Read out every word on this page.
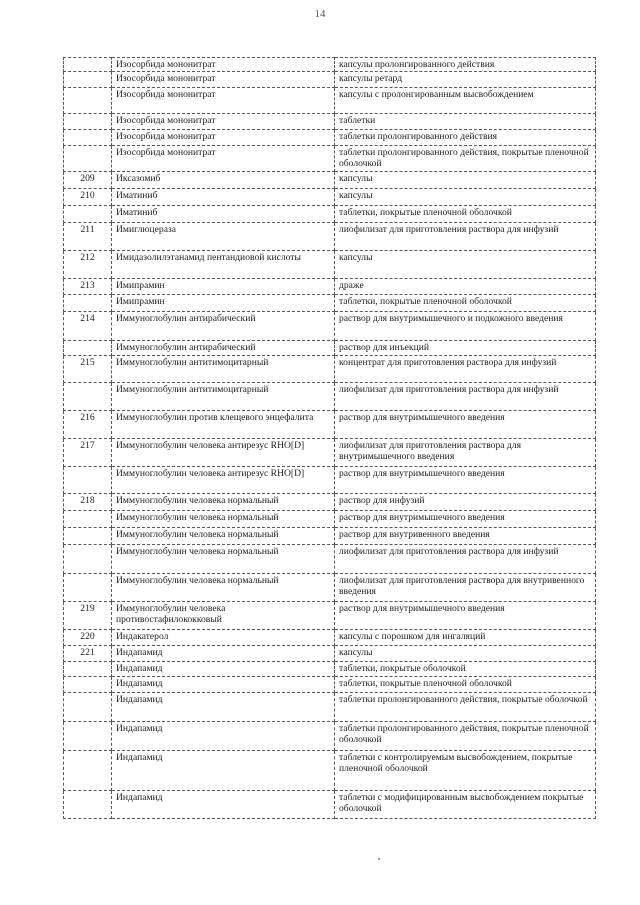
14
	Изосорбида мононитрат	капсулы пролонгированного действия
	Изосорбида мононитрат	капсулы ретард
	Изосорбида мононитрат	капсулы с пролонгированным высвобождением
	Изосорбида мононитрат	таблетки
	Изосорбида мононитрат	таблетки пролонгированного действия
	Изосорбида мононитрат	таблетки пролонгированного действия, покрытые пленочной оболочкой
209	Иксазомиб	капсулы
210	Иматиниб	капсулы
	Иматиниб	таблетки, покрытые пленочной оболочкой
211	Имиглюцераза	лиофилизат для приготовления раствора для инфузий
212	Имидазолилэтанамид пентандиовой кислоты	капсулы
213	Имипрамин	драже
	Имипрамин	таблетки, покрытые пленочной оболочкой
214	Иммуноглобулин антирабический	раствор для внутримышечного и подкожного введения
	Иммуноглобулин антирабический	раствор для инъекций
215	Иммуноглобулин антитимоцитарный	концентрат для приготовления раствора для инфузий
	Иммуноглобулин антитимоцитарный	лиофилизат для приготовления раствора для инфузий
216	Иммуноглобулин против клещевого энцефалита	раствор для внутримышечного введения
217	Иммуноглобулин человека антирезус RHO[D]	лиофилизат для приготовления раствора для внутримышечного введения
	Иммуноглобулин человека антирезус RHO[D]	раствор для внутримышечного введения
218	Иммуноглобулин человека нормальный	раствор для инфузий
	Иммуноглобулин человека нормальный	раствор для внутримышечного введения
	Иммуноглобулин человека нормальный	раствор для внутривенного введения
	Иммуноглобулин человека нормальный	лиофилизат для приготовления раствора для инфузий
	Иммуноглобулин человека нормальный	лиофилизат для приготовления раствора для внутривенного введения
219	Иммуноглобулин человека противостафилококковый	раствор для внутримышечного введения
220	Индакатерол	капсулы с порошком для ингаляций
221	Индапамид	капсулы
	Индапамид	таблетки, покрытые оболочкой
	Индапамид	таблетки, покрытые пленочной оболочкой
	Индапамид	таблетки пролонгированного действия, покрытые оболочкой
	Индапамид	таблетки пролонгированного действия, покрытые пленочной оболочкой
	Индапамид	таблетки с контролируемым высвобождением, покрытые пленочной оболочкой
	Индапамид	таблетки с модифицированным высвобождением покрытые оболочкой
